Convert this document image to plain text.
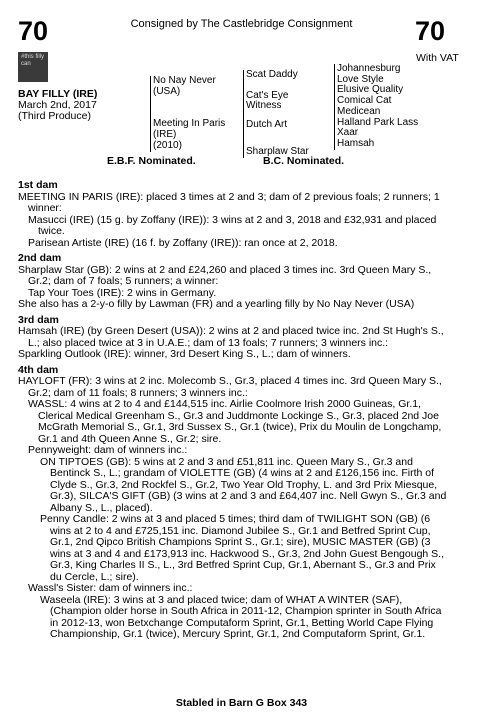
70	Consigned by The Castlebridge Consignment	70
With VAT
#this filly can
BAY FILLY (IRE)
March 2nd, 2017
(Third Produce)
No Nay Never
(USA)
Meeting In Paris
(IRE)
(2010)
Scat Daddy
Cat's Eye
Witness
Dutch Art
Sharplaw Star
Johannesburg
Love Style
Elusive Quality
Comical Cat
Medicean
Halland Park Lass
Xaar
Hamsah
E.B.F. Nominated.	B.C. Nominated.

1st dam

MEETING IN PARIS (IRE): placed 3 times at 2 and 3; dam of 2 previous foals; 2 runners; 1 winner:

Masucci (IRE) (15 g. by Zoffany (IRE)): 3 wins at 2 and 3, 2018 and £32,931 and placed twice.

Parisean Artiste (IRE) (16 f. by Zoffany (IRE)): ran once at 2, 2018.

2nd dam

Sharplaw Star (GB): 2 wins at 2 and £24,260 and placed 3 times inc. 3rd Queen Mary S., Gr.2; dam of 7 foals; 5 runners; a winner:

Tap Your Toes (IRE): 2 wins in Germany.

She also has a 2-y-o filly by Lawman (FR) and a yearling filly by No Nay Never (USA)

3rd dam

Hamsah (IRE) (by Green Desert (USA)): 2 wins at 2 and placed twice inc. 2nd St Hugh's S., L.; also placed twice at 3 in U.A.E.; dam of 13 foals; 7 runners; 3 winners inc.:

Sparkling Outlook (IRE): winner, 3rd Desert King S., L.; dam of winners.

4th dam

HAYLOFT (FR): 3 wins at 2 inc. Molecomb S., Gr.3, placed 4 times inc. 3rd Queen Mary S., Gr.2; dam of 11 foals; 8 runners; 3 winners inc.:

WASSL: 4 wins at 2 to 4 and £144,515 inc. Airlie Coolmore Irish 2000 Guineas, Gr.1, Clerical Medical Greenham S., Gr.3 and Juddmonte Lockinge S., Gr.3, placed 2nd Joe McGrath Memorial S., Gr.1, 3rd Sussex S., Gr.1 (twice), Prix du Moulin de Longchamp, Gr.1 and 4th Queen Anne S., Gr.2; sire.

Pennyweight: dam of winners inc.:

ON TIPTOES (GB): 5 wins at 2 and 3 and £51,811 inc. Queen Mary S., Gr.3 and Bentinck S., L.; grandam of VIOLETTE (GB) (4 wins at 2 and £126,156 inc. Firth of Clyde S., Gr.3, 2nd Rockfel S., Gr.2, Two Year Old Trophy, L. and 3rd Prix Miesque, Gr.3), SILCA'S GIFT (GB) (3 wins at 2 and 3 and £64,407 inc. Nell Gwyn S., Gr.3 and Albany S., L., placed).

Penny Candle: 2 wins at 3 and placed 5 times; third dam of TWILIGHT SON (GB) (6 wins at 2 to 4 and £725,151 inc. Diamond Jubilee S., Gr.1 and Betfred Sprint Cup, Gr.1, 2nd Qipco British Champions Sprint S., Gr.1; sire), MUSIC MASTER (GB) (3 wins at 3 and 4 and £173,913 inc. Hackwood S., Gr.3, 2nd John Guest Bengough S., Gr.3, King Charles II S., L., 3rd Betfred Sprint Cup, Gr.1, Abernant S., Gr.3 and Prix du Cercle, L.; sire).

Wassl's Sister: dam of winners inc.:

Waseela (IRE): 3 wins at 3 and placed twice; dam of WHAT A WINTER (SAF), (Champion older horse in South Africa in 2011-12, Champion sprinter in South Africa in 2012-13, won Betxchange Computaform Sprint, Gr.1, Betting World Cape Flying Championship, Gr.1 (twice), Mercury Sprint, Gr.1, 2nd Computaform Sprint, Gr.1.

Stabled in Barn G Box 343
